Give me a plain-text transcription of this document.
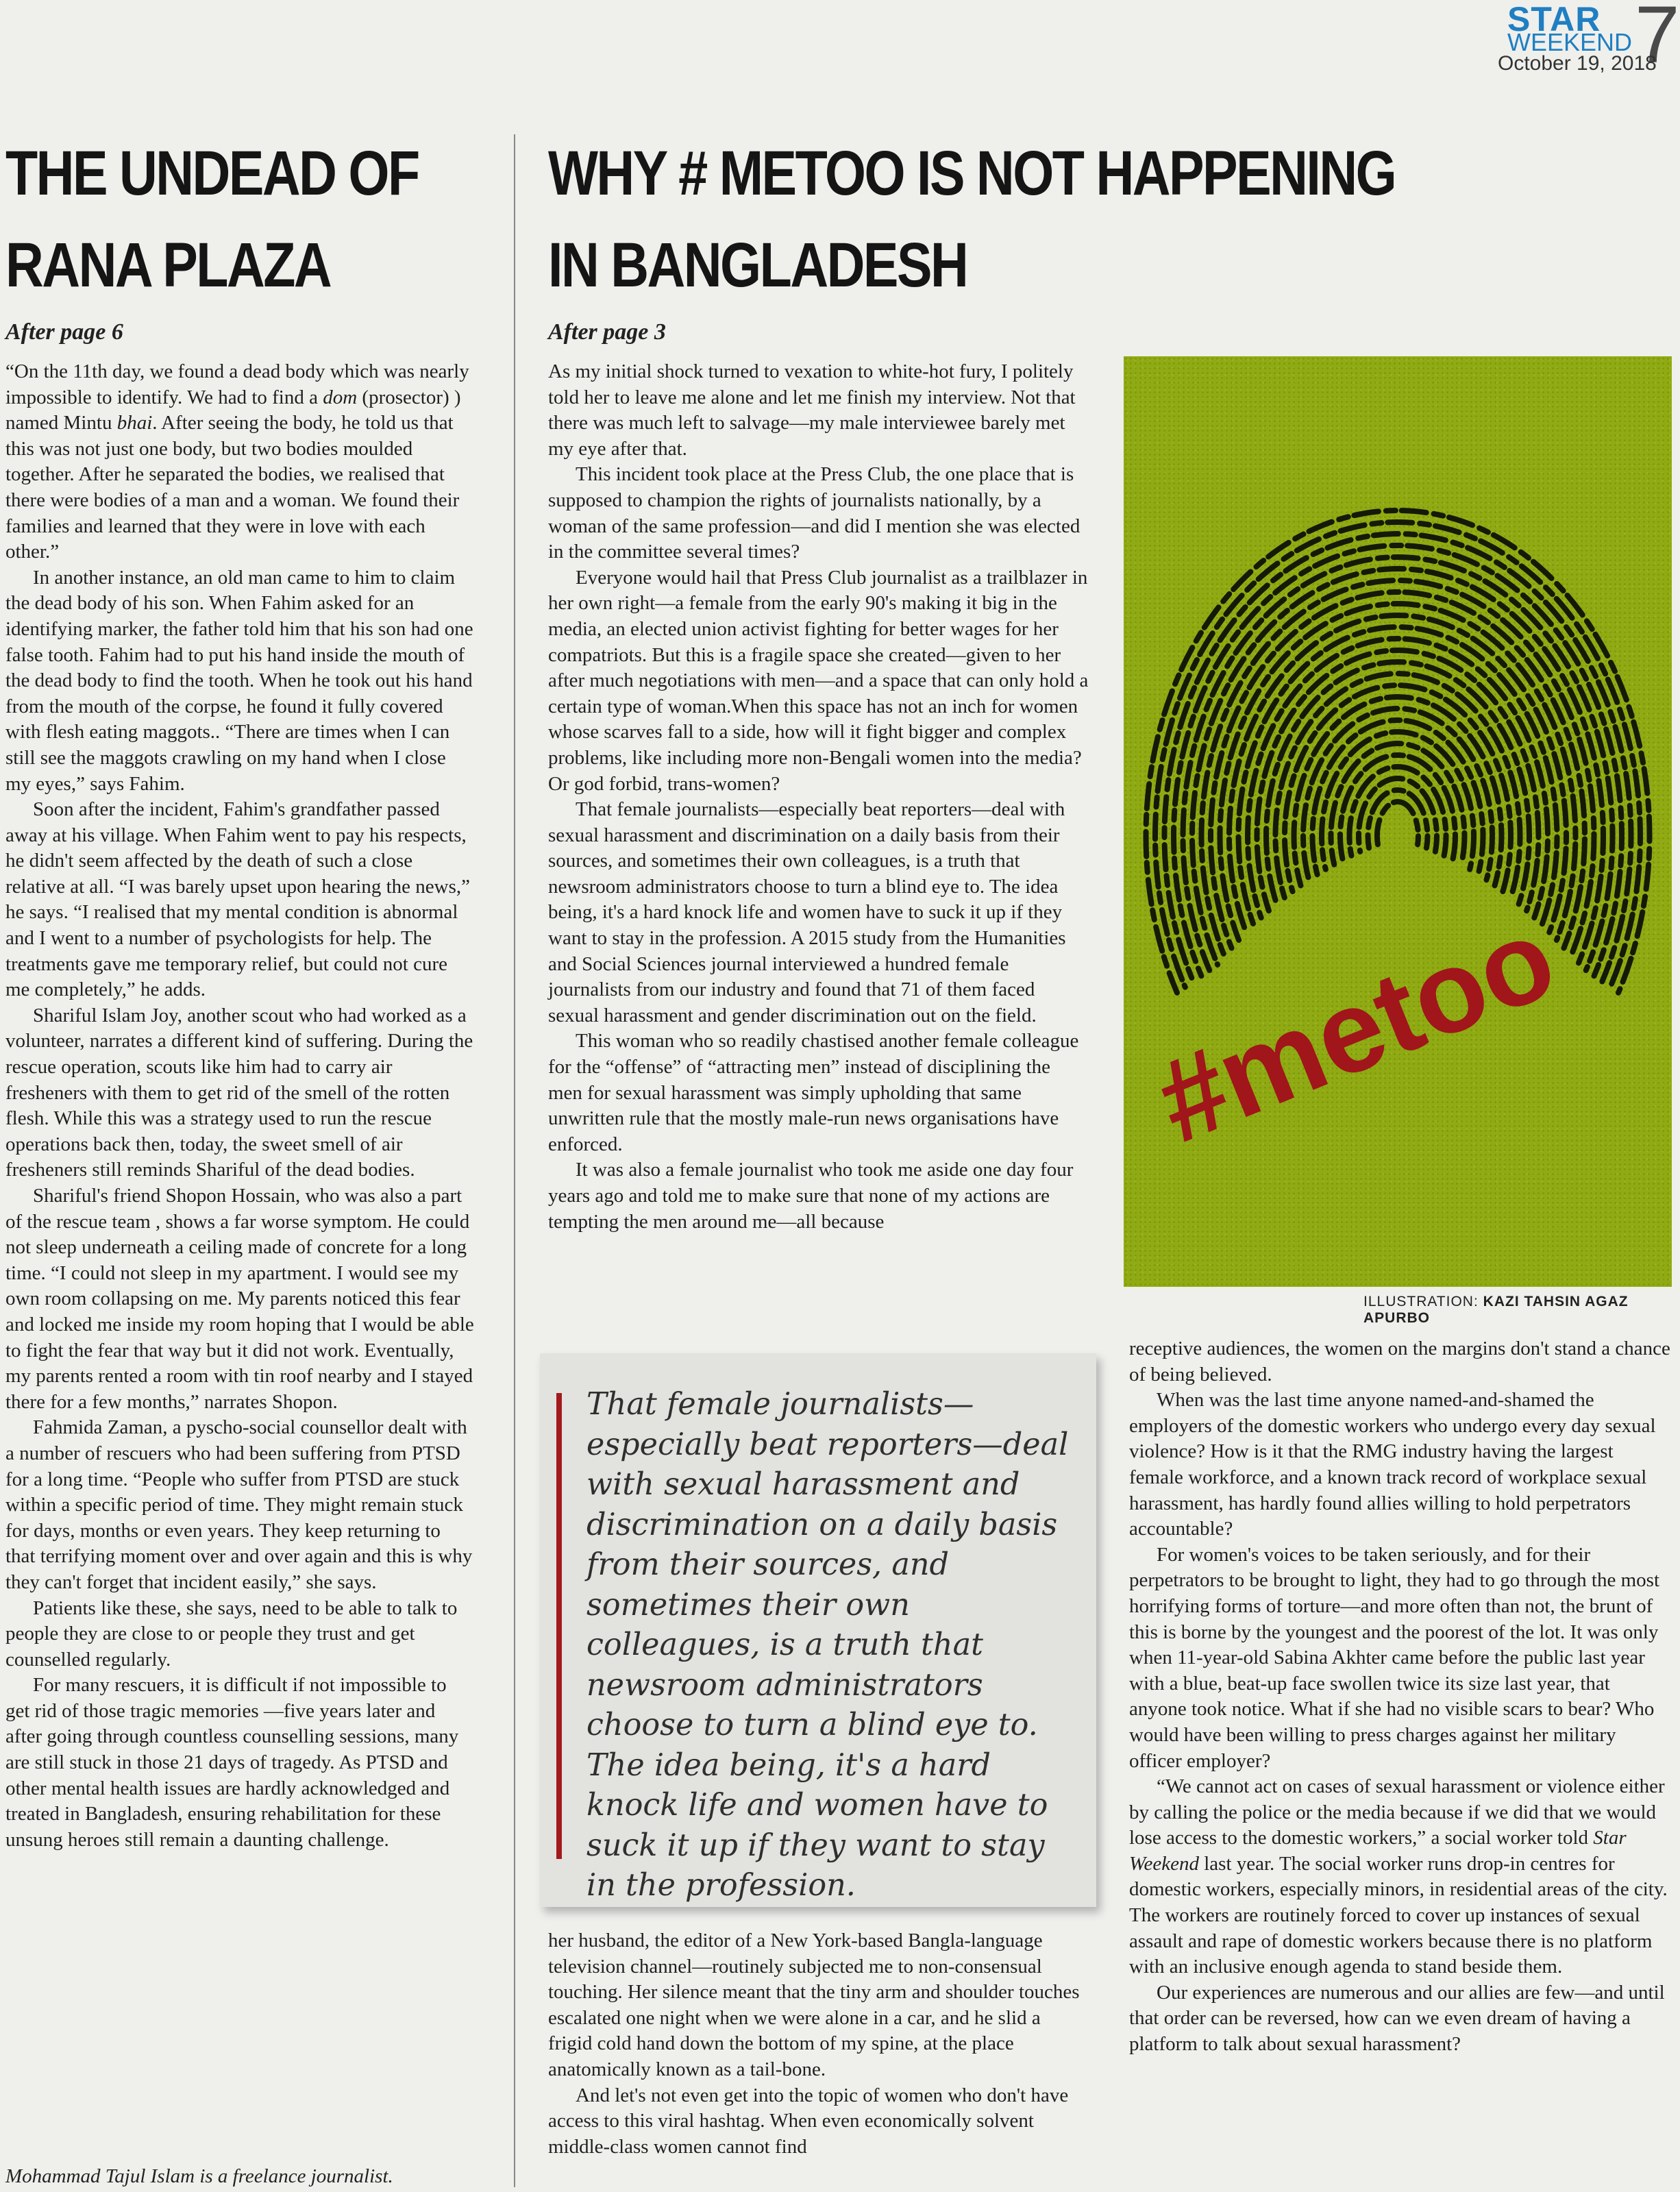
STAR
WEEKEND 7
October 19, 2018
THE UNDEAD OF
RANA PLAZA
After page 6

“On the 11th day, we found a dead body which was nearly impossible to identify. We had to find a dom (prosector) ) named Mintu bhai. After seeing the body, he told us that this was not just one body, but two bodies moulded together. After he separated the bodies, we realised that there were bodies of a man and a woman. We found their families and learned that they were in love with each other.”

In another instance, an old man came to him to claim the dead body of his son. When Fahim asked for an identifying marker, the father told him that his son had one false tooth. Fahim had to put his hand inside the mouth of the dead body to find the tooth. When he took out his hand from the mouth of the corpse, he found it fully covered with flesh eating maggots.. “There are times when I can still see the maggots crawling on my hand when I close my eyes,” says Fahim.

Soon after the incident, Fahim's grandfather passed away at his village. When Fahim went to pay his respects, he didn't seem affected by the death of such a close relative at all. “I was barely upset upon hearing the news,” he says. “I realised that my mental condition is abnormal and I went to a number of psychologists for help. The treatments gave me temporary relief, but could not cure me completely,” he adds.

Shariful Islam Joy, another scout who had worked as a volunteer, narrates a different kind of suffering. During the rescue operation, scouts like him had to carry air fresheners with them to get rid of the smell of the rotten flesh. While this was a strategy used to run the rescue operations back then, today, the sweet smell of air fresheners still reminds Shariful of the dead bodies.

Shariful's friend Shopon Hossain, who was also a part of the rescue team , shows a far worse symptom. He could not sleep underneath a ceiling made of concrete for a long time. “I could not sleep in my apartment. I would see my own room collapsing on me. My parents noticed this fear and locked me inside my room hoping that I would be able to fight the fear that way but it did not work. Eventually, my parents rented a room with tin roof nearby and I stayed there for a few months,” narrates Shopon.

Fahmida Zaman, a pyscho-social counsellor dealt with a number of rescuers who had been suffering from PTSD for a long time. “People who suffer from PTSD are stuck within a specific period of time. They might remain stuck for days, months or even years. They keep returning to that terrifying moment over and over again and this is why they can't forget that incident easily,” she says.

Patients like these, she says, need to be able to talk to people they are close to or people they trust and get counselled regularly.

For many rescuers, it is difficult if not impossible to get rid of those tragic memories —five years later and after going through countless counselling sessions, many are still stuck in those 21 days of tragedy. As PTSD and other mental health issues are hardly acknowledged and treated in Bangladesh, ensuring rehabilitation for these unsung heroes still remain a daunting challenge.

Mohammad Tajul Islam is a freelance journalist.
WHY # METOO IS NOT HAPPENING
IN BANGLADESH
After page 3

As my initial shock turned to vexation to white-hot fury, I politely told her to leave me alone and let me finish my interview. Not that there was much left to salvage—my male interviewee barely met my eye after that.

This incident took place at the Press Club, the one place that is supposed to champion the rights of journalists nationally, by a woman of the same profession—and did I mention she was elected in the committee several times?

Everyone would hail that Press Club journalist as a trailblazer in her own right—a female from the early 90's making it big in the media, an elected union activist fighting for better wages for her compatriots. But this is a fragile space she created—given to her after much negotiations with men—and a space that can only hold a certain type of woman.When this space has not an inch for women whose scarves fall to a side, how will it fight bigger and complex problems, like including more non-Bengali women into the media? Or god forbid, trans-women?

That female journalists—especially beat reporters—deal with sexual harassment and discrimination on a daily basis from their sources, and sometimes their own colleagues, is a truth that newsroom administrators choose to turn a blind eye to. The idea being, it's a hard knock life and women have to suck it up if they want to stay in the profession. A 2015 study from the Humanities and Social Sciences journal interviewed a hundred female journalists from our industry and found that 71 of them faced sexual harassment and gender discrimination out on the field.

This woman who so readily chastised another female colleague for the “offense” of “attracting men” instead of disciplining the men for sexual harassment was simply upholding that same unwritten rule that the mostly male-run news organisations have enforced.

It was also a female journalist who took me aside one day four years ago and told me to make sure that none of my actions are tempting the men around me—all because

That female journalists—especially beat reporters—deal with sexual harassment and discrimination on a daily basis from their sources, and sometimes their own colleagues, is a truth that newsroom administrators choose to turn a blind eye to. The idea being, it's a hard knock life and women have to suck it up if they want to stay in the profession.

her husband, the editor of a New York-based Bangla-language television channel—routinely subjected me to non-consensual touching. Her silence meant that the tiny arm and shoulder touches escalated one night when we were alone in a car, and he slid a frigid cold hand down the bottom of my spine, at the place anatomically known as a tail-bone.

And let's not even get into the topic of women who don't have access to this viral hashtag. When even economically solvent middle-class women cannot find

#metoo
ILLUSTRATION: KAZI TAHSIN AGAZ APURBO

receptive audiences, the women on the margins don't stand a chance of being believed.

When was the last time anyone named-and-shamed the employers of the domestic workers who undergo every day sexual violence? How is it that the RMG industry having the largest female workforce, and a known track record of workplace sexual harassment, has hardly found allies willing to hold perpetrators accountable?

For women's voices to be taken seriously, and for their perpetrators to be brought to light, they had to go through the most horrifying forms of torture—and more often than not, the brunt of this is borne by the youngest and the poorest of the lot. It was only when 11-year-old Sabina Akhter came before the public last year with a blue, beat-up face swollen twice its size last year, that anyone took notice. What if she had no visible scars to bear? Who would have been willing to press charges against her military officer employer?

“We cannot act on cases of sexual harassment or violence either by calling the police or the media because if we did that we would lose access to the domestic workers,” a social worker told Star Weekend last year. The social worker runs drop-in centres for domestic workers, especially minors, in residential areas of the city. The workers are routinely forced to cover up instances of sexual assault and rape of domestic workers because there is no platform with an inclusive enough agenda to stand beside them.

Our experiences are numerous and our allies are few—and until that order can be reversed, how can we even dream of having a platform to talk about sexual harassment?
